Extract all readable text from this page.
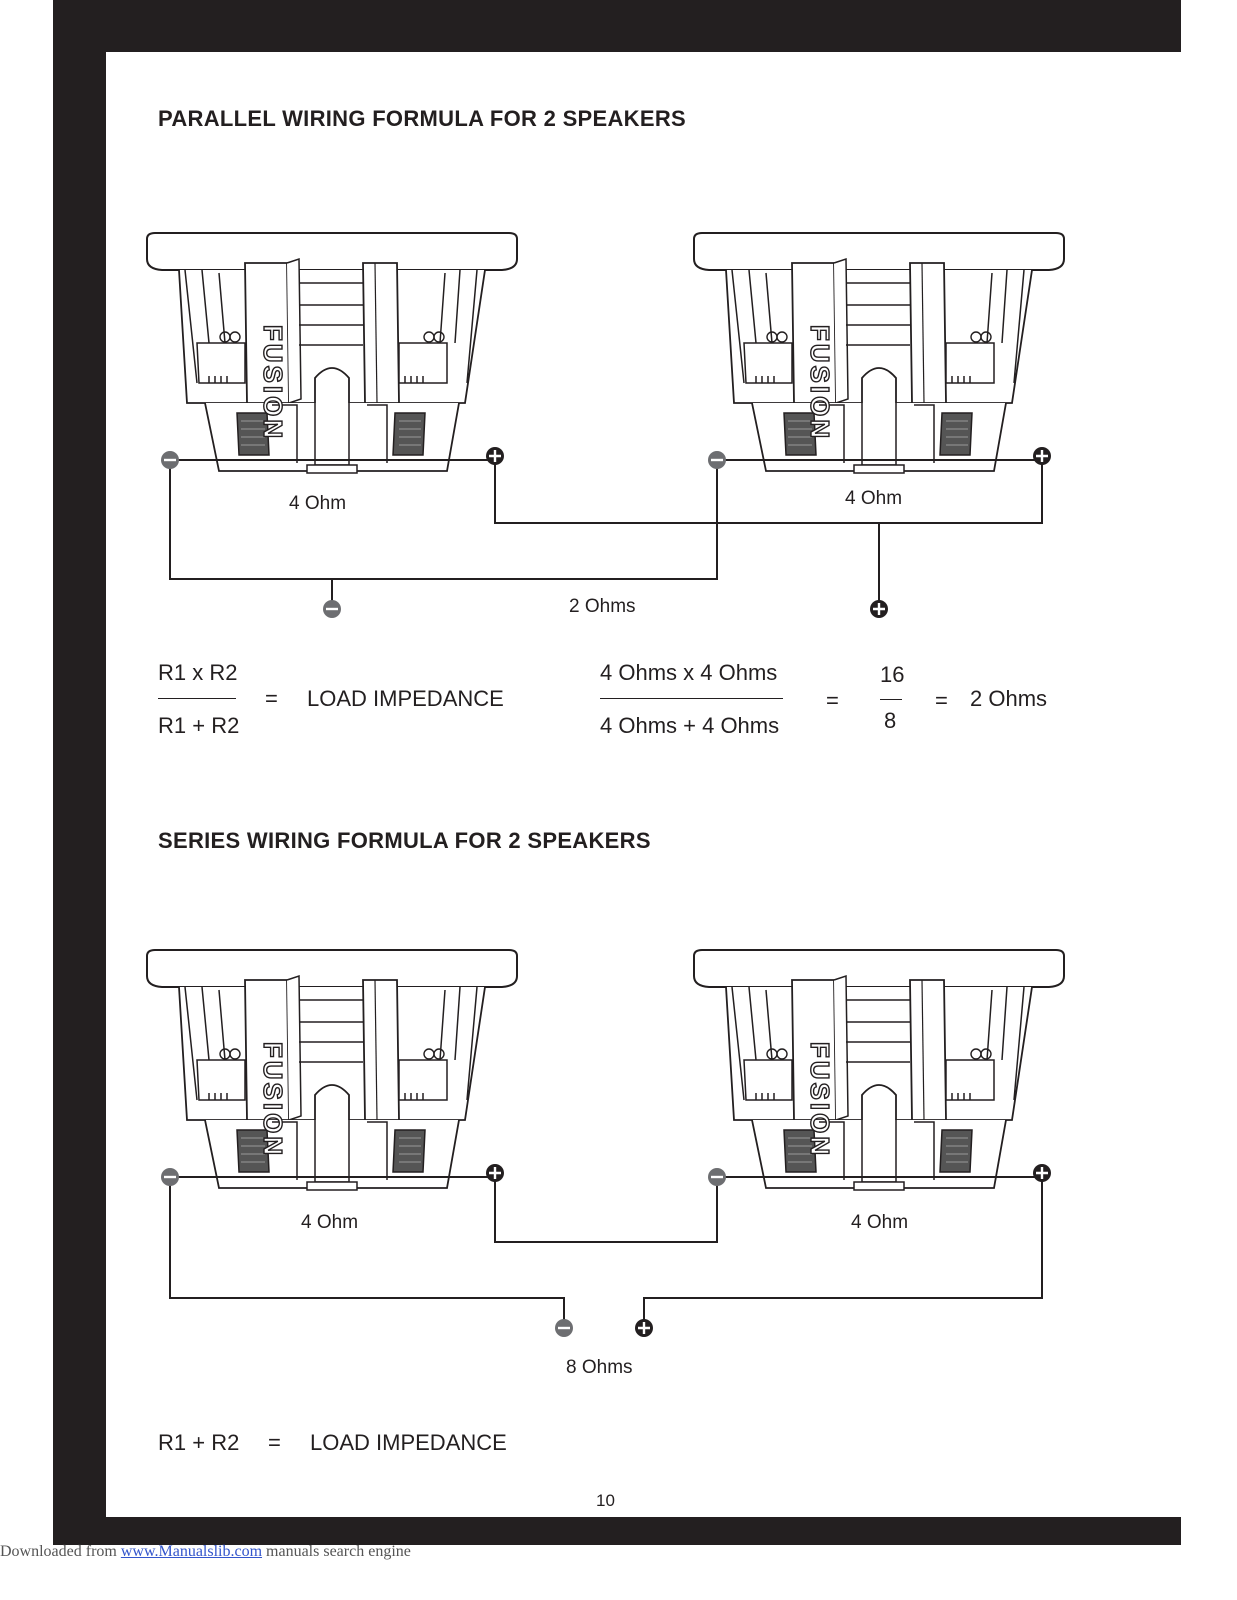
PARALLEL WIRING FORMULA FOR 2 SPEAKERS
SERIES WIRING FORMULA FOR 2 SPEAKERS
FUSION	FUSION
FUSION	FUSION
4 Ohm	4 Ohm
2 Ohms
R1 x R2
R1 + R2
= LOAD IMPEDANCE
4 Ohms x 4 Ohms
4 Ohms + 4 Ohms
=
16
8
= 2 Ohms
4 Ohm	4 Ohm
8 Ohms
R1 + R2 = LOAD IMPEDANCE
10
Downloaded from www.Manualslib.com manuals search engine
